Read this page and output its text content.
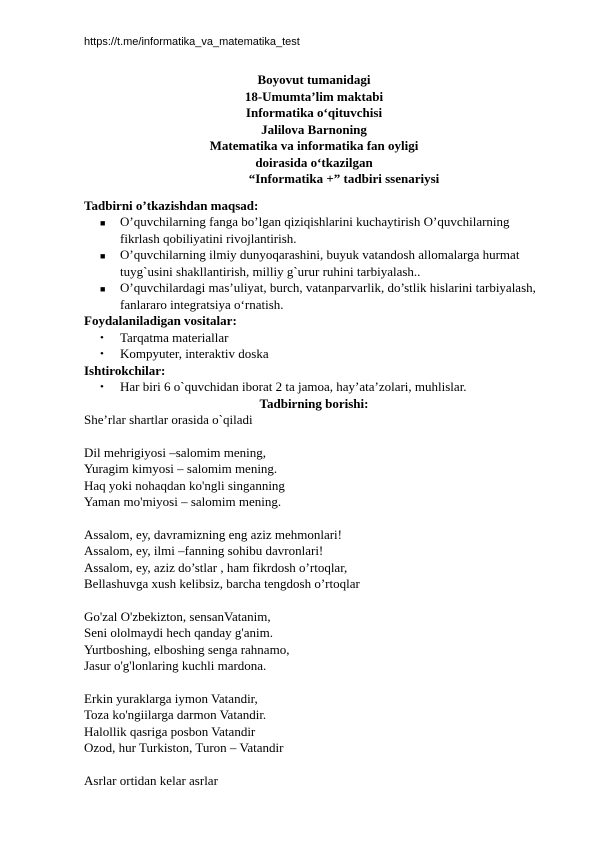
https://t.me/informatika_va_matematika_test
Boyovut tumanidagi
18-Umumta’lim maktabi
Informatika o‘qituvchisi
Jalilova Barnoning
Matematika va informatika fan oyligi
doirasida o‘tkazilgan
“Informatika +” tadbiri ssenariysi
Tadbirni o’tkazishdan maqsad:
■ O’quvchilarning fanga bo’lgan qiziqishlarini kuchaytirish O’quvchilarning fikrlash qobiliyatini rivojlantirish.
■ O’quvchilarning ilmiy dunyoqarashini, buyuk vatandosh allomalarga hurmat tuyg`usini shakllantirish, milliy g`urur ruhini tarbiyalash..
■ O’quvchilardagi mas’uliyat, burch, vatanparvarlik, do’stlik hislarini tarbiyalash, fanlararo integratsiya o‘rnatish.
Foydalaniladigan vositalar:
• Tarqatma materiallar
• Kompyuter, interaktiv doska
Ishtirokchilar:
• Har biri 6 o`quvchidan iborat 2 ta jamoa, hay’ata’zolari, muhlislar.
Tadbirning borishi:
She’rlar shartlar orasida o`qiladi
Dil mehrigiyosi –salomim mening,
Yuragim kimyosi – salomim mening.
Haq yoki nohaqdan ko'ngli singanning
Yaman mo'miyosi – salomim mening.
Assalom, ey, davramizning eng aziz mehmonlari!
Assalom, ey, ilmi –fanning sohibu davronlari!
Assalom, ey, aziz do’stlar , ham fikrdosh o’rtoqlar,
Bellashuvga xush kelibsiz, barcha tengdosh o’rtoqlar
Go'zal O'zbekizton, sensanVatanim,
Seni ololmaydi hech qanday g'anim.
Yurtboshing, elboshing senga rahnamo,
Jasur o'g'lonlaring kuchli mardona.
Erkin yuraklarga iymon Vatandir,
Toza ko'ngiilarga darmon Vatandir.
Halollik qasriga posbon Vatandir
Ozod, hur Turkiston, Turon – Vatandir
Asrlar ortidan kelar asrlar
